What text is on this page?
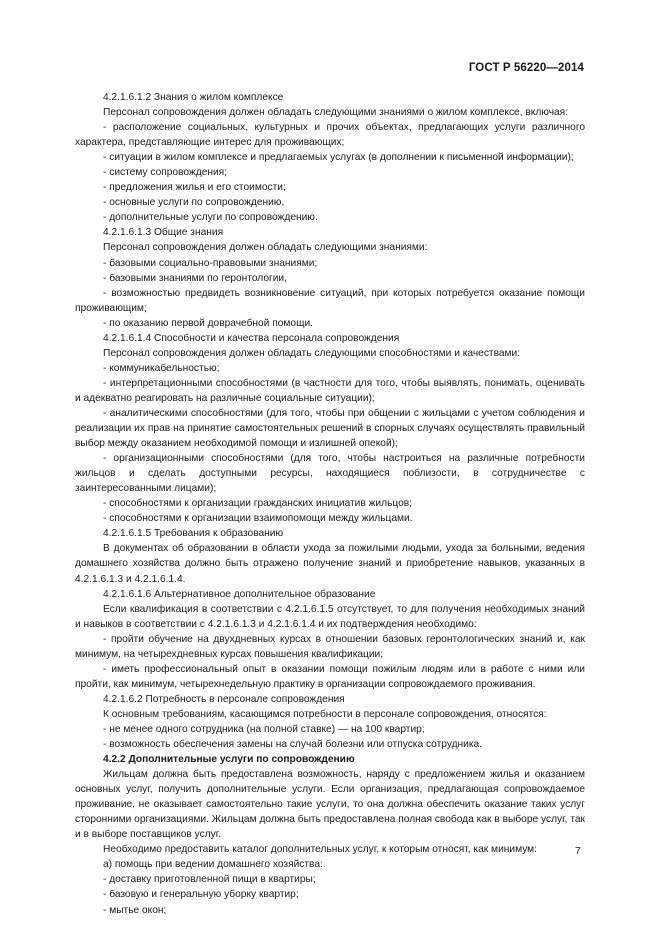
ГОСТ Р 56220—2014

4.2.1.6.1.2 Знания о жилом комплексе

Персонал сопровождения должен обладать следующими знаниями о жилом комплексе, включая:

- расположение социальных, культурных и прочих объектах, предлагающих услуги различного характера, представляющие интерес для проживающих;

- ситуации в жилом комплексе и предлагаемых услугах (в дополнении к письменной информации);

- систему сопровождения;

- предложения жилья и его стоимости;

- основные услуги по сопровождению,

- дополнительные услуги по сопровождению.

4.2.1.6.1.3 Общие знания

Персонал сопровождения должен обладать следующими знаниями:

- базовыми социально-правовыми знаниями;

- базовыми знаниями по геронтологии,

- возможностью предвидеть возникновение ситуаций, при которых потребуется оказание помощи проживающим;

- по оказанию первой доврачебной помощи.

4.2.1.6.1.4 Способности и качества персонала сопровождения

Персонал сопровождения должен обладать следующими способностями и качествами:

- коммуникабельностью;

- интерпретационными способностями (в частности для того, чтобы выявлять, понимать, оценивать и адекватно реагировать на различные социальные ситуации);

- аналитическими способностями (для того, чтобы при общении с жильцами с учетом соблюдения и реализации их прав на принятие самостоятельных решений в спорных случаях осуществлять правильный выбор между оказанием необходимой помощи и излишней опекой);

- организационными способностями (для того, чтобы настроиться на различные потребности жильцов и сделать доступными ресурсы, находящиеся поблизости, в сотрудничестве с заинтересованными лицами);

- способностями к организации гражданских инициатив жильцов;

- способностями к организации взаимопомощи между жильцами.

4.2.1.6.1.5 Требования к образованию

В документах об образовании в области ухода за пожилыми людьми, ухода за больными, ведения домашнего хозяйства должно быть отражено получение знаний и приобретение навыков, указанных в 4.2.1.6.1.3 и 4.2.1.6.1.4.

4.2.1.6.1.6 Альтернативное дополнительное образование

Если квалификация в соответствии с 4.2.1.6.1.5 отсутствует, то для получения необходимых знаний и навыков в соответствии с 4.2.1.6.1.3 и 4.2.1.6.1.4 и их подтверждения необходимо:

- пройти обучение на двухдневных курсах в отношении базовых геронтологических знаний и, как минимум, на четырехдневных курсах повышения квалификации;

- иметь профессиональный опыт в оказании помощи пожилым людям или в работе с ними или пройти, как минимум, четырехнедельную практику в организации сопровождаемого проживания.

4.2.1.6.2 Потребность в персонале сопровождения

К основным требованиям, касающимся потребности в персонале сопровождения, относятся:

- не менее одного сотрудника (на полной ставке) — на 100 квартир;

- возможность обеспечения замены на случай болезни или отпуска сотрудника.

4.2.2 Дополнительные услуги по сопровождению

Жильцам должна быть предоставлена возможность, наряду с предложением жилья и оказанием основных услуг, получить дополнительные услуги. Если организация, предлагающая сопровождаемое проживание, не оказывает самостоятельно такие услуги, то она должна обеспечить оказание таких услуг сторонними организациями. Жильцам должна быть предоставлена полная свобода как в выборе услуг, так и в выборе поставщиков услуг.

Необходимо предоставить каталог дополнительных услуг, к которым относят, как минимум:

а) помощь при ведении домашнего хозяйства:

- доставку приготовленной пищи в квартиры;

- базовую и генеральную уборку квартир;

- мытье окон;

7
